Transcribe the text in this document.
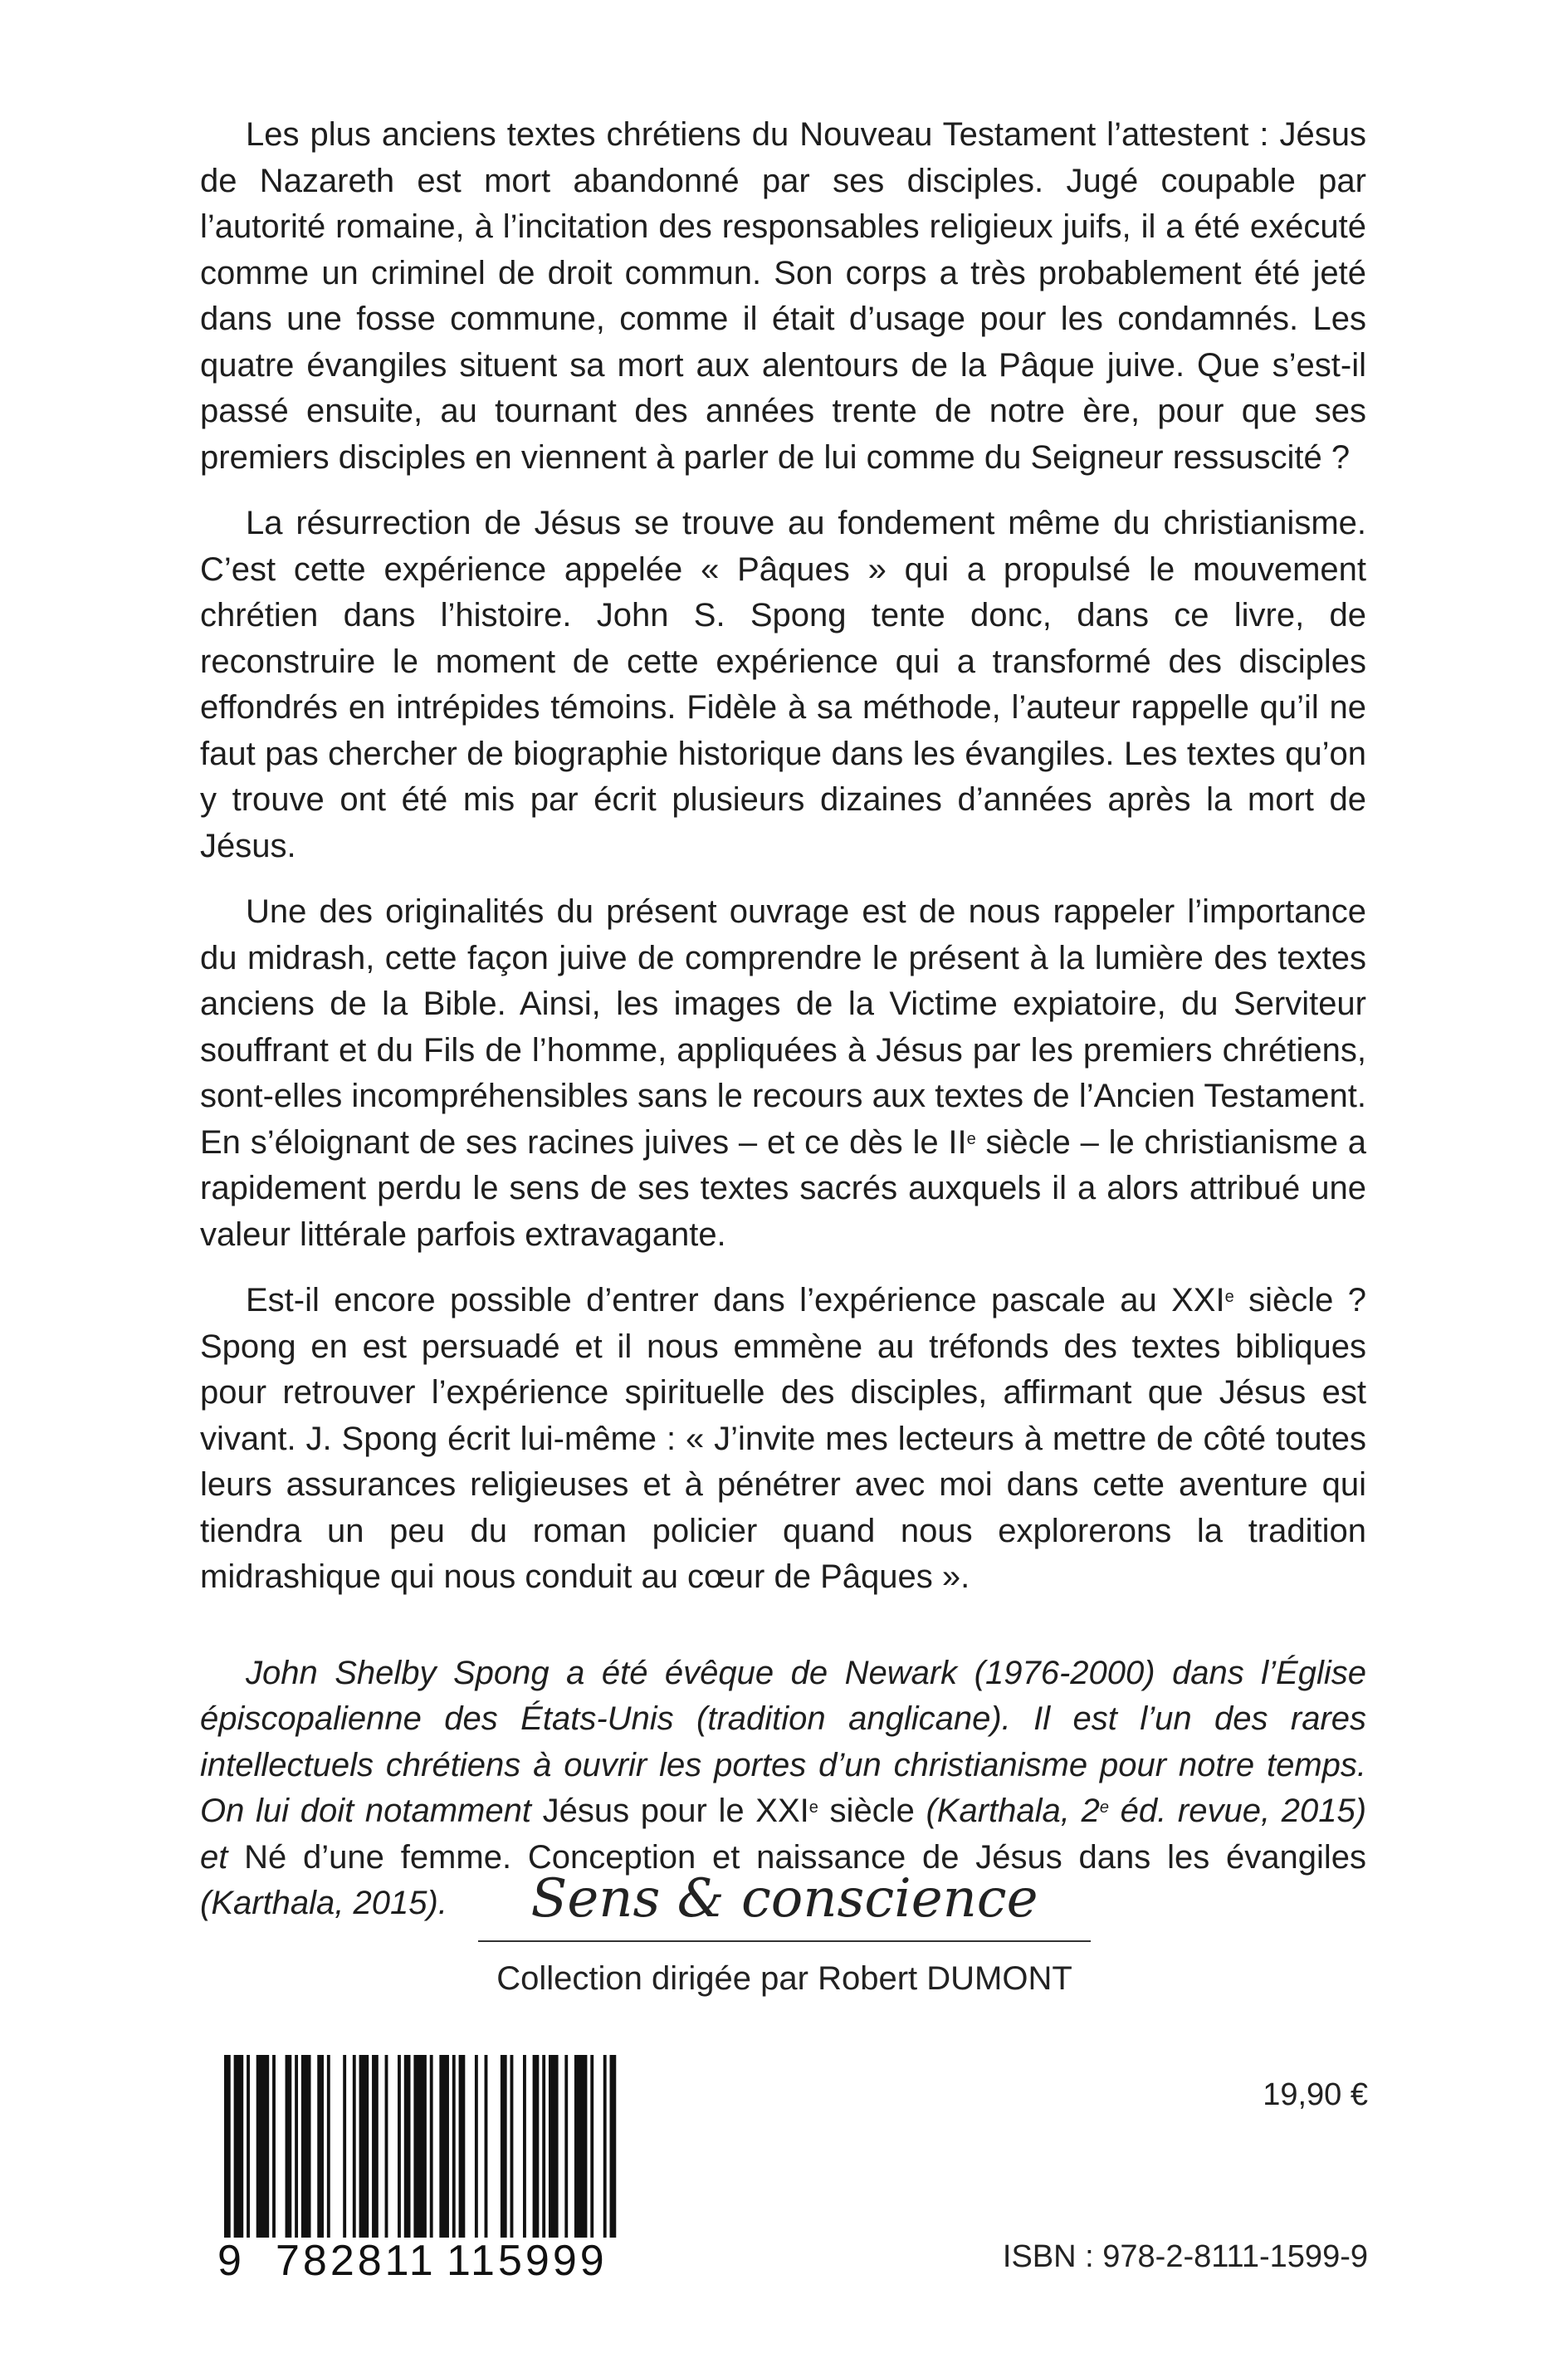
Les plus anciens textes chrétiens du Nouveau Testament l’attestent : Jésus de Nazareth est mort abandonné par ses disciples. Jugé coupable par l’autorité romaine, à l’incitation des responsables religieux juifs, il a été exécuté comme un criminel de droit commun. Son corps a très probablement été jeté dans une fosse commune, comme il était d’usage pour les condamnés. Les quatre évangiles situent sa mort aux alentours de la Pâque juive. Que s’est-il passé ensuite, au tournant des années trente de notre ère, pour que ses premiers disciples en viennent à parler de lui comme du Seigneur ressuscité ?

La résurrection de Jésus se trouve au fondement même du christianisme. C’est cette expérience appelée « Pâques » qui a propulsé le mouvement chrétien dans l’histoire. John S. Spong tente donc, dans ce livre, de reconstruire le moment de cette expérience qui a transformé des disciples effondrés en intrépides témoins. Fidèle à sa méthode, l’auteur rappelle qu’il ne faut pas chercher de biographie historique dans les évangiles. Les textes qu’on y trouve ont été mis par écrit plusieurs dizaines d’années après la mort de Jésus.

Une des originalités du présent ouvrage est de nous rappeler l’importance du midrash, cette façon juive de comprendre le présent à la lumière des textes anciens de la Bible. Ainsi, les images de la Victime expiatoire, du Serviteur souffrant et du Fils de l’homme, appliquées à Jésus par les premiers chrétiens, sont-elles incompréhensibles sans le recours aux textes de l’Ancien Testament. En s’éloignant de ses racines juives – et ce dès le IIe siècle – le christianisme a rapidement perdu le sens de ses textes sacrés auxquels il a alors attribué une valeur littérale parfois extravagante.

Est-il encore possible d’entrer dans l’expérience pascale au XXIe siècle ? Spong en est persuadé et il nous emmène au tréfonds des textes bibliques pour retrouver l’expérience spirituelle des disciples, affirmant que Jésus est vivant. J. Spong écrit lui-même : « J’invite mes lecteurs à mettre de côté toutes leurs assurances religieuses et à pénétrer avec moi dans cette aventure qui tiendra un peu du roman policier quand nous explorerons la tradition midrashique qui nous conduit au cœur de Pâques ».

John Shelby Spong a été évêque de Newark (1976-2000) dans l’Église épiscopalienne des États-Unis (tradition anglicane). Il est l’un des rares intellectuels chrétiens à ouvrir les portes d’un christianisme pour notre temps. On lui doit notamment Jésus pour le XXIe siècle (Karthala, 2e éd. revue, 2015) et Né d’une femme. Conception et naissance de Jésus dans les évangiles (Karthala, 2015).	Sens & conscience
Collection dirigée par Robert DUMONT
9 782811 115999
19,90 €
ISBN : 978-2-8111-1599-9
